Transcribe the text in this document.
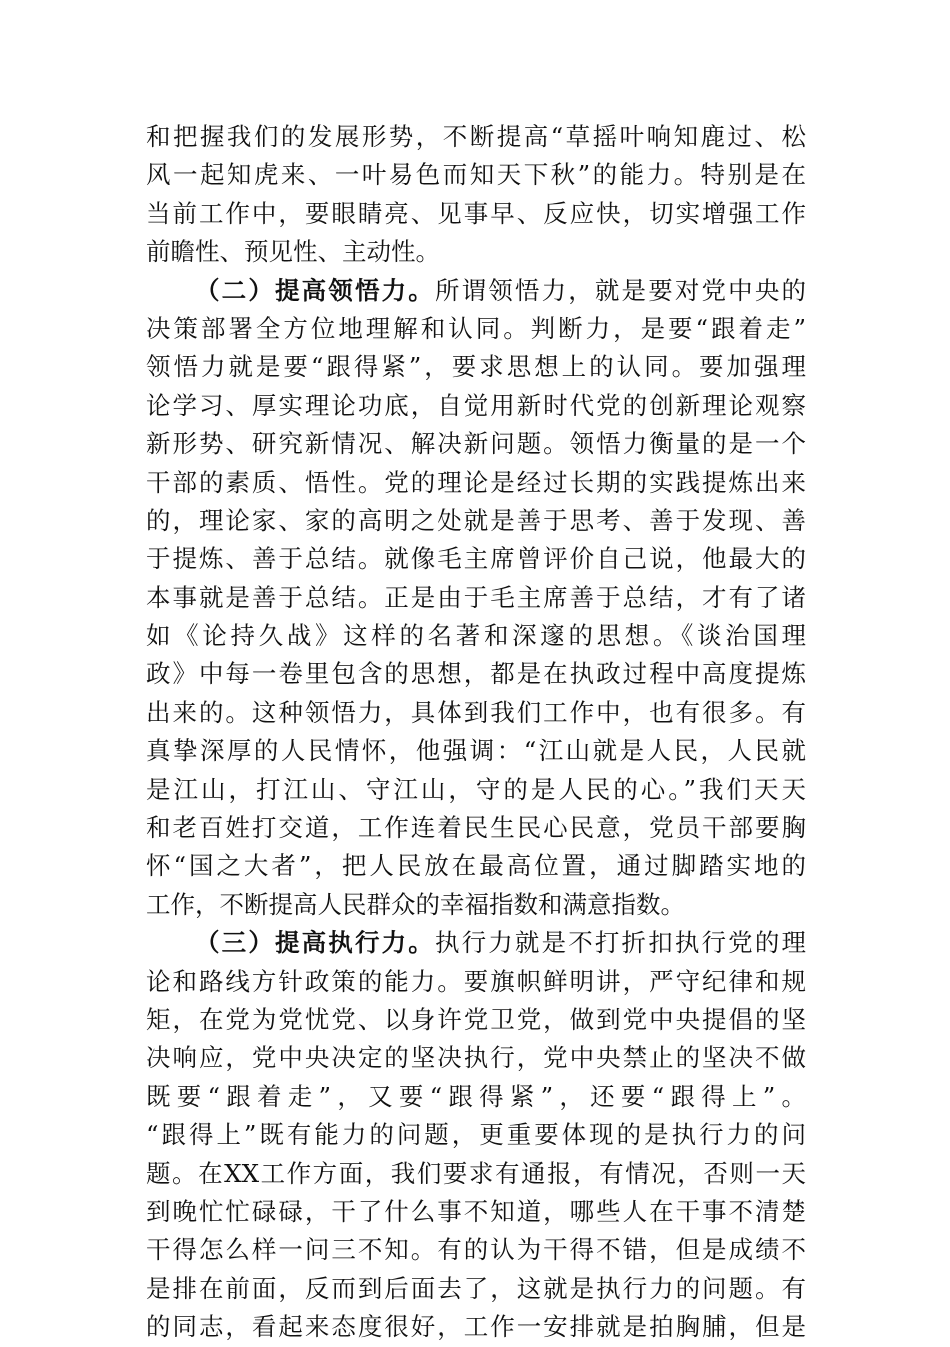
和把握我们的发展形势，不断提高“草摇叶响知鹿过、松
风一起知虎来、一叶易色而知天下秋”的能力。特别是在
当前工作中，要眼睛亮、见事早、反应快，切实增强工作
前瞻性、预见性、主动性。
（二）提高领悟力。所谓领悟力，就是要对党中央的
决策部署全方位地理解和认同。判断力，是要“跟着走”
领悟力就是要“跟得紧”，要求思想上的认同。要加强理
论学习、厚实理论功底，自觉用新时代党的创新理论观察
新形势、研究新情况、解决新问题。领悟力衡量的是一个
干部的素质、悟性。党的理论是经过长期的实践提炼出来
的，理论家、家的高明之处就是善于思考、善于发现、善
于提炼、善于总结。就像毛主席曾评价自己说，他最大的
本事就是善于总结。正是由于毛主席善于总结，才有了诸
如《论持久战》这样的名著和深邃的思想。《谈治国理
政》中每一卷里包含的思想，都是在执政过程中高度提炼
出来的。这种领悟力，具体到我们工作中，也有很多。有
真挚深厚的人民情怀，他强调：“江山就是人民，人民就
是江山，打江山、守江山，守的是人民的心。”我们天天
和老百姓打交道，工作连着民生民心民意，党员干部要胸
怀“国之大者”，把人民放在最高位置，通过脚踏实地的
工作，不断提高人民群众的幸福指数和满意指数。
（三）提高执行力。执行力就是不打折扣执行党的理
论和路线方针政策的能力。要旗帜鲜明讲，严守纪律和规
矩，在党为党忧党、以身许党卫党，做到党中央提倡的坚
决响应，党中央决定的坚决执行，党中央禁止的坚决不做
既要“跟着走”，又要“跟得紧”，还要“跟得上”。
“跟得上”既有能力的问题，更重要体现的是执行力的问
题。在XX工作方面，我们要求有通报，有情况，否则一天
到晚忙忙碌碌，干了什么事不知道，哪些人在干事不清楚
干得怎么样一问三不知。有的认为干得不错，但是成绩不
是排在前面，反而到后面去了，这就是执行力的问题。有
的同志，看起来态度很好，工作一安排就是拍胸脯，但是
